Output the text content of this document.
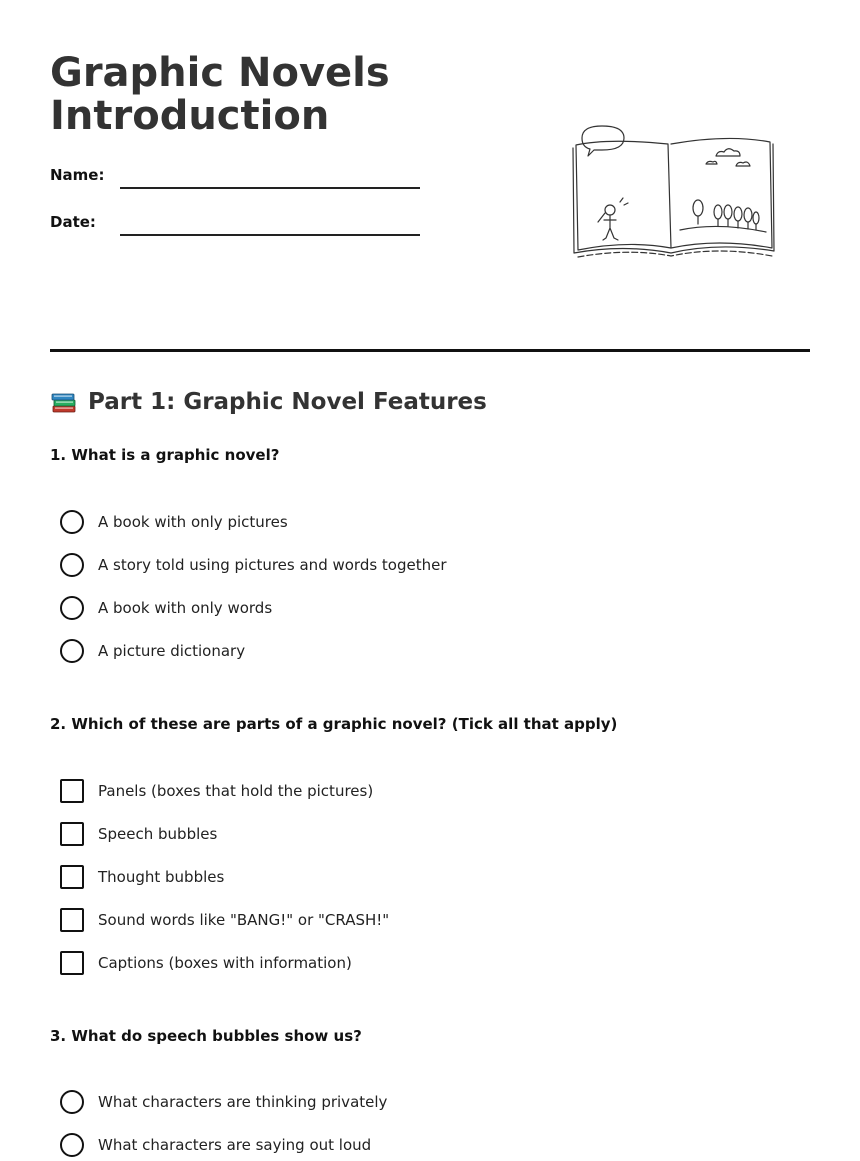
Graphic Novels
Introduction
Name:
Date:
Part 1: Graphic Novel Features

1. What is a graphic novel?

A book with only pictures
A story told using pictures and words together
A book with only words
A picture dictionary

2. Which of these are parts of a graphic novel? (Tick all that apply)

Panels (boxes that hold the pictures)
Speech bubbles
Thought bubbles
Sound words like "BANG!" or "CRASH!"
Captions (boxes with information)

3. What do speech bubbles show us?

What characters are thinking privately
What characters are saying out loud
